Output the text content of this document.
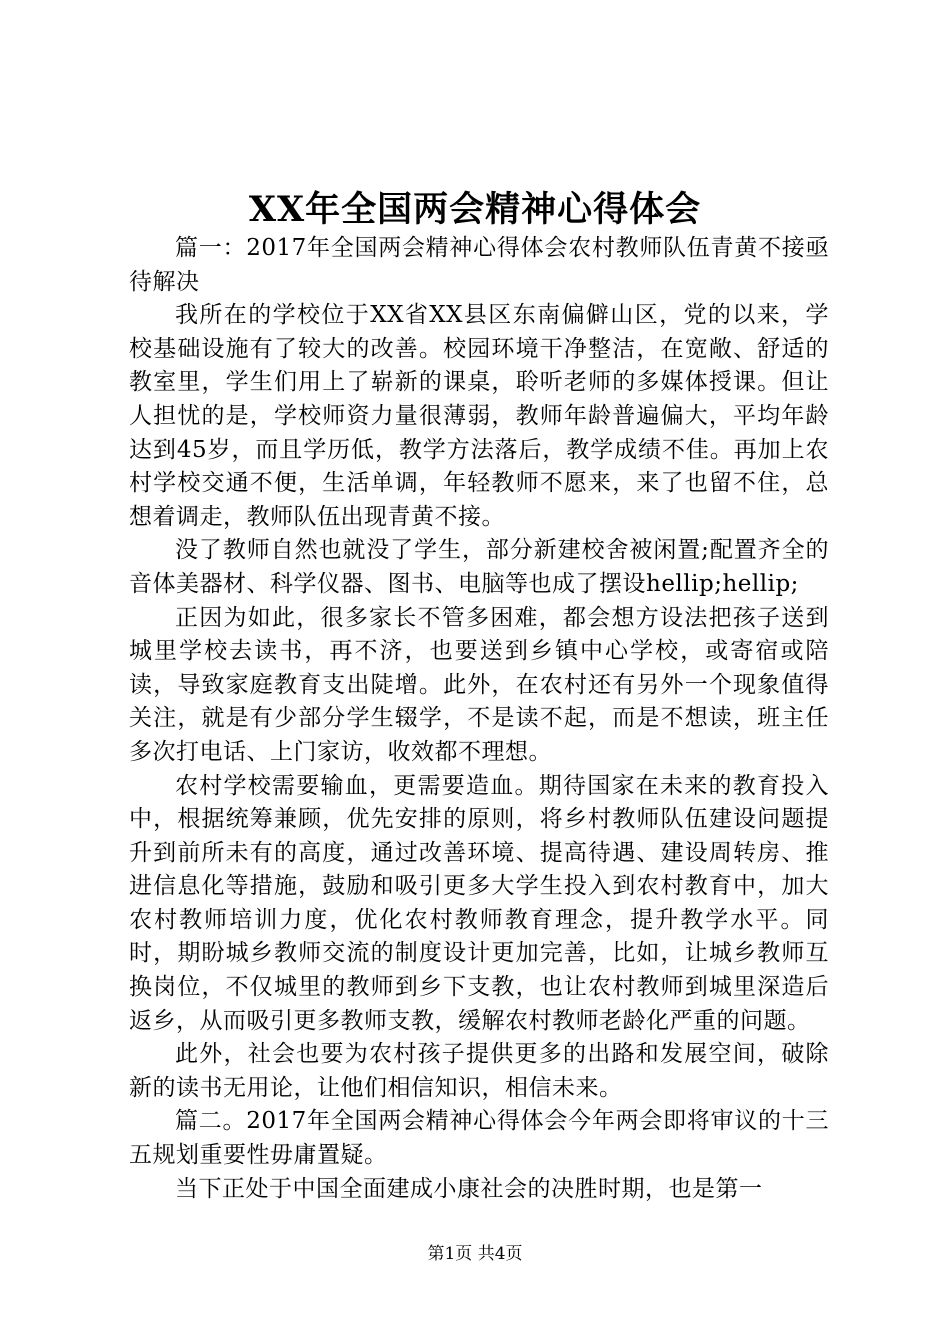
XX年全国两会精神心得体会

篇一：2017年全国两会精神心得体会农村教师队伍青黄不接亟待解决

我所在的学校位于XX省XX县区东南偏僻山区，党的以来，学校基础设施有了较大的改善。校园环境干净整洁，在宽敞、舒适的教室里，学生们用上了崭新的课桌，聆听老师的多媒体授课。但让人担忧的是，学校师资力量很薄弱，教师年龄普遍偏大，平均年龄达到45岁，而且学历低，教学方法落后，教学成绩不佳。再加上农村学校交通不便，生活单调，年轻教师不愿来，来了也留不住，总想着调走，教师队伍出现青黄不接。

没了教师自然也就没了学生，部分新建校舍被闲置;配置齐全的音体美器材、科学仪器、图书、电脑等也成了摆设hellip;hellip;

正因为如此，很多家长不管多困难，都会想方设法把孩子送到城里学校去读书，再不济，也要送到乡镇中心学校，或寄宿或陪读，导致家庭教育支出陡增。此外，在农村还有另外一个现象值得关注，就是有少部分学生辍学，不是读不起，而是不想读，班主任多次打电话、上门家访，收效都不理想。

农村学校需要输血，更需要造血。期待国家在未来的教育投入中，根据统筹兼顾，优先安排的原则，将乡村教师队伍建设问题提升到前所未有的高度，通过改善环境、提高待遇、建设周转房、推进信息化等措施，鼓励和吸引更多大学生投入到农村教育中，加大农村教师培训力度，优化农村教师教育理念，提升教学水平。同时，期盼城乡教师交流的制度设计更加完善，比如，让城乡教师互换岗位，不仅城里的教师到乡下支教，也让农村教师到城里深造后返乡，从而吸引更多教师支教，缓解农村教师老龄化严重的问题。

此外，社会也要为农村孩子提供更多的出路和发展空间，破除新的读书无用论，让他们相信知识，相信未来。

篇二。2017年全国两会精神心得体会今年两会即将审议的十三五规划重要性毋庸置疑。

当下正处于中国全面建成小康社会的决胜时期，也是第一

第1页 共4页
